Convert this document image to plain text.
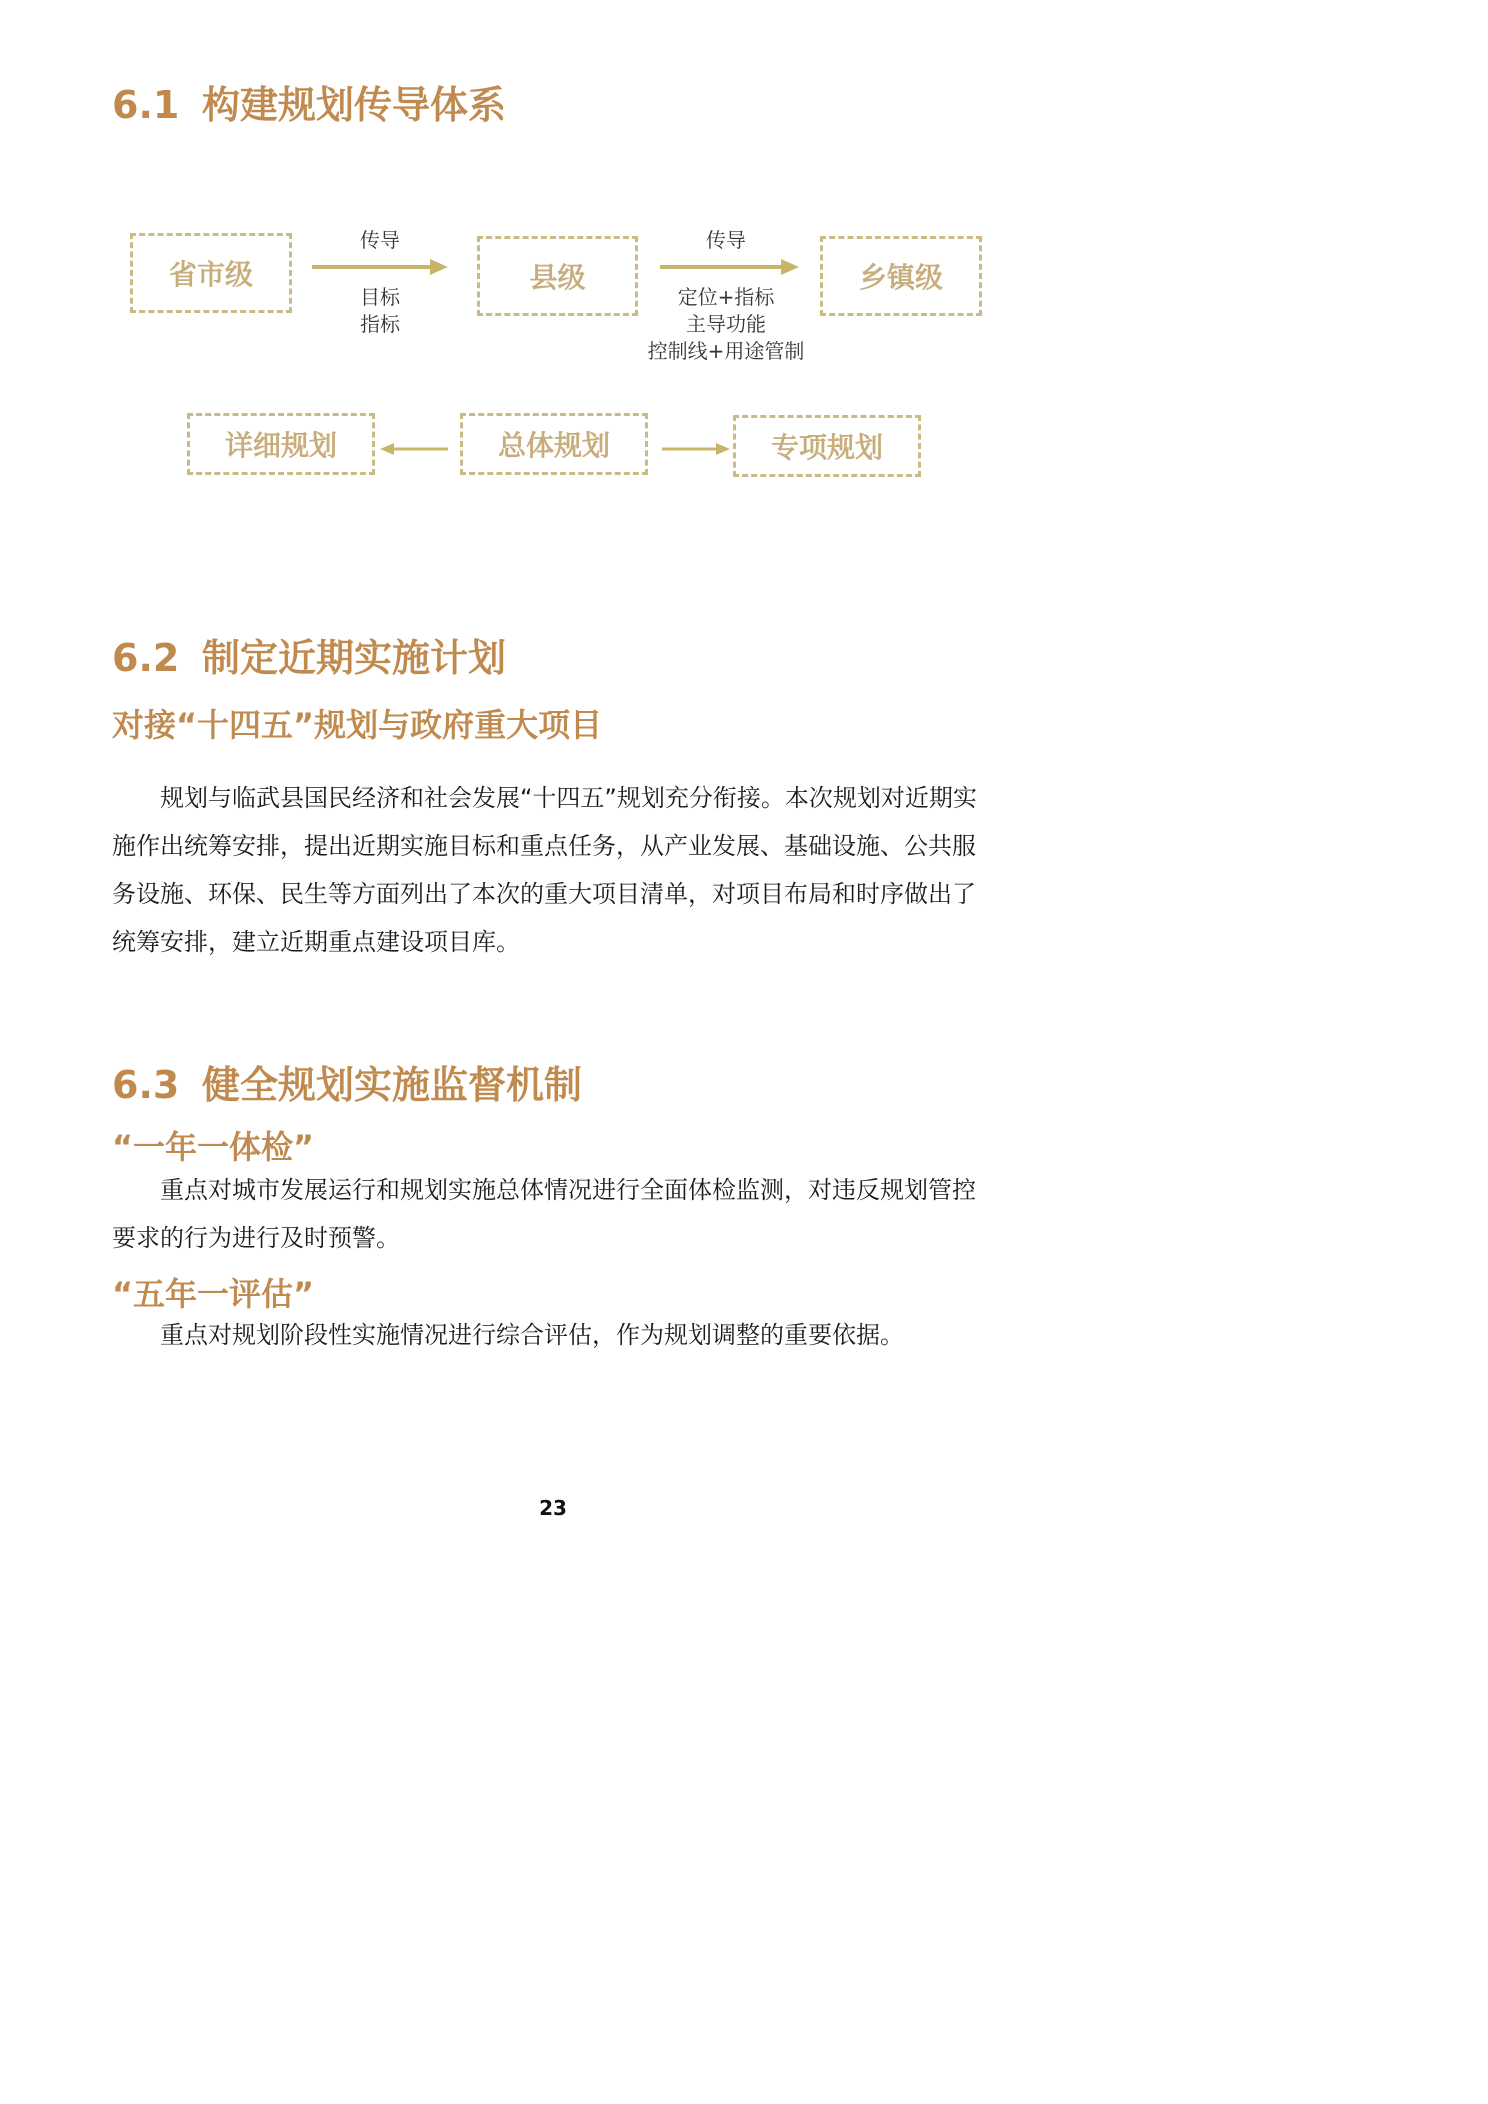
6.1 构建规划传导体系
省市级	县级	乡镇级
传导
目标
指标
传导
定位+指标
主导功能
控制线+用途管制
详细规划	总体规划	专项规划
6.2 制定近期实施计划
对接“十四五”规划与政府重大项目
规划与临武县国民经济和社会发展“十四五”规划充分衔接。本次规划对近期实施作出统筹安排，提出近期实施目标和重点任务，从产业发展、基础设施、公共服务设施、环保、民生等方面列出了本次的重大项目清单，对项目布局和时序做出了统筹安排，建立近期重点建设项目库。
6.3 健全规划实施监督机制
“一年一体检”
重点对城市发展运行和规划实施总体情况进行全面体检监测，对违反规划管控要求的行为进行及时预警。
“五年一评估”
重点对规划阶段性实施情况进行综合评估，作为规划调整的重要依据。
23
